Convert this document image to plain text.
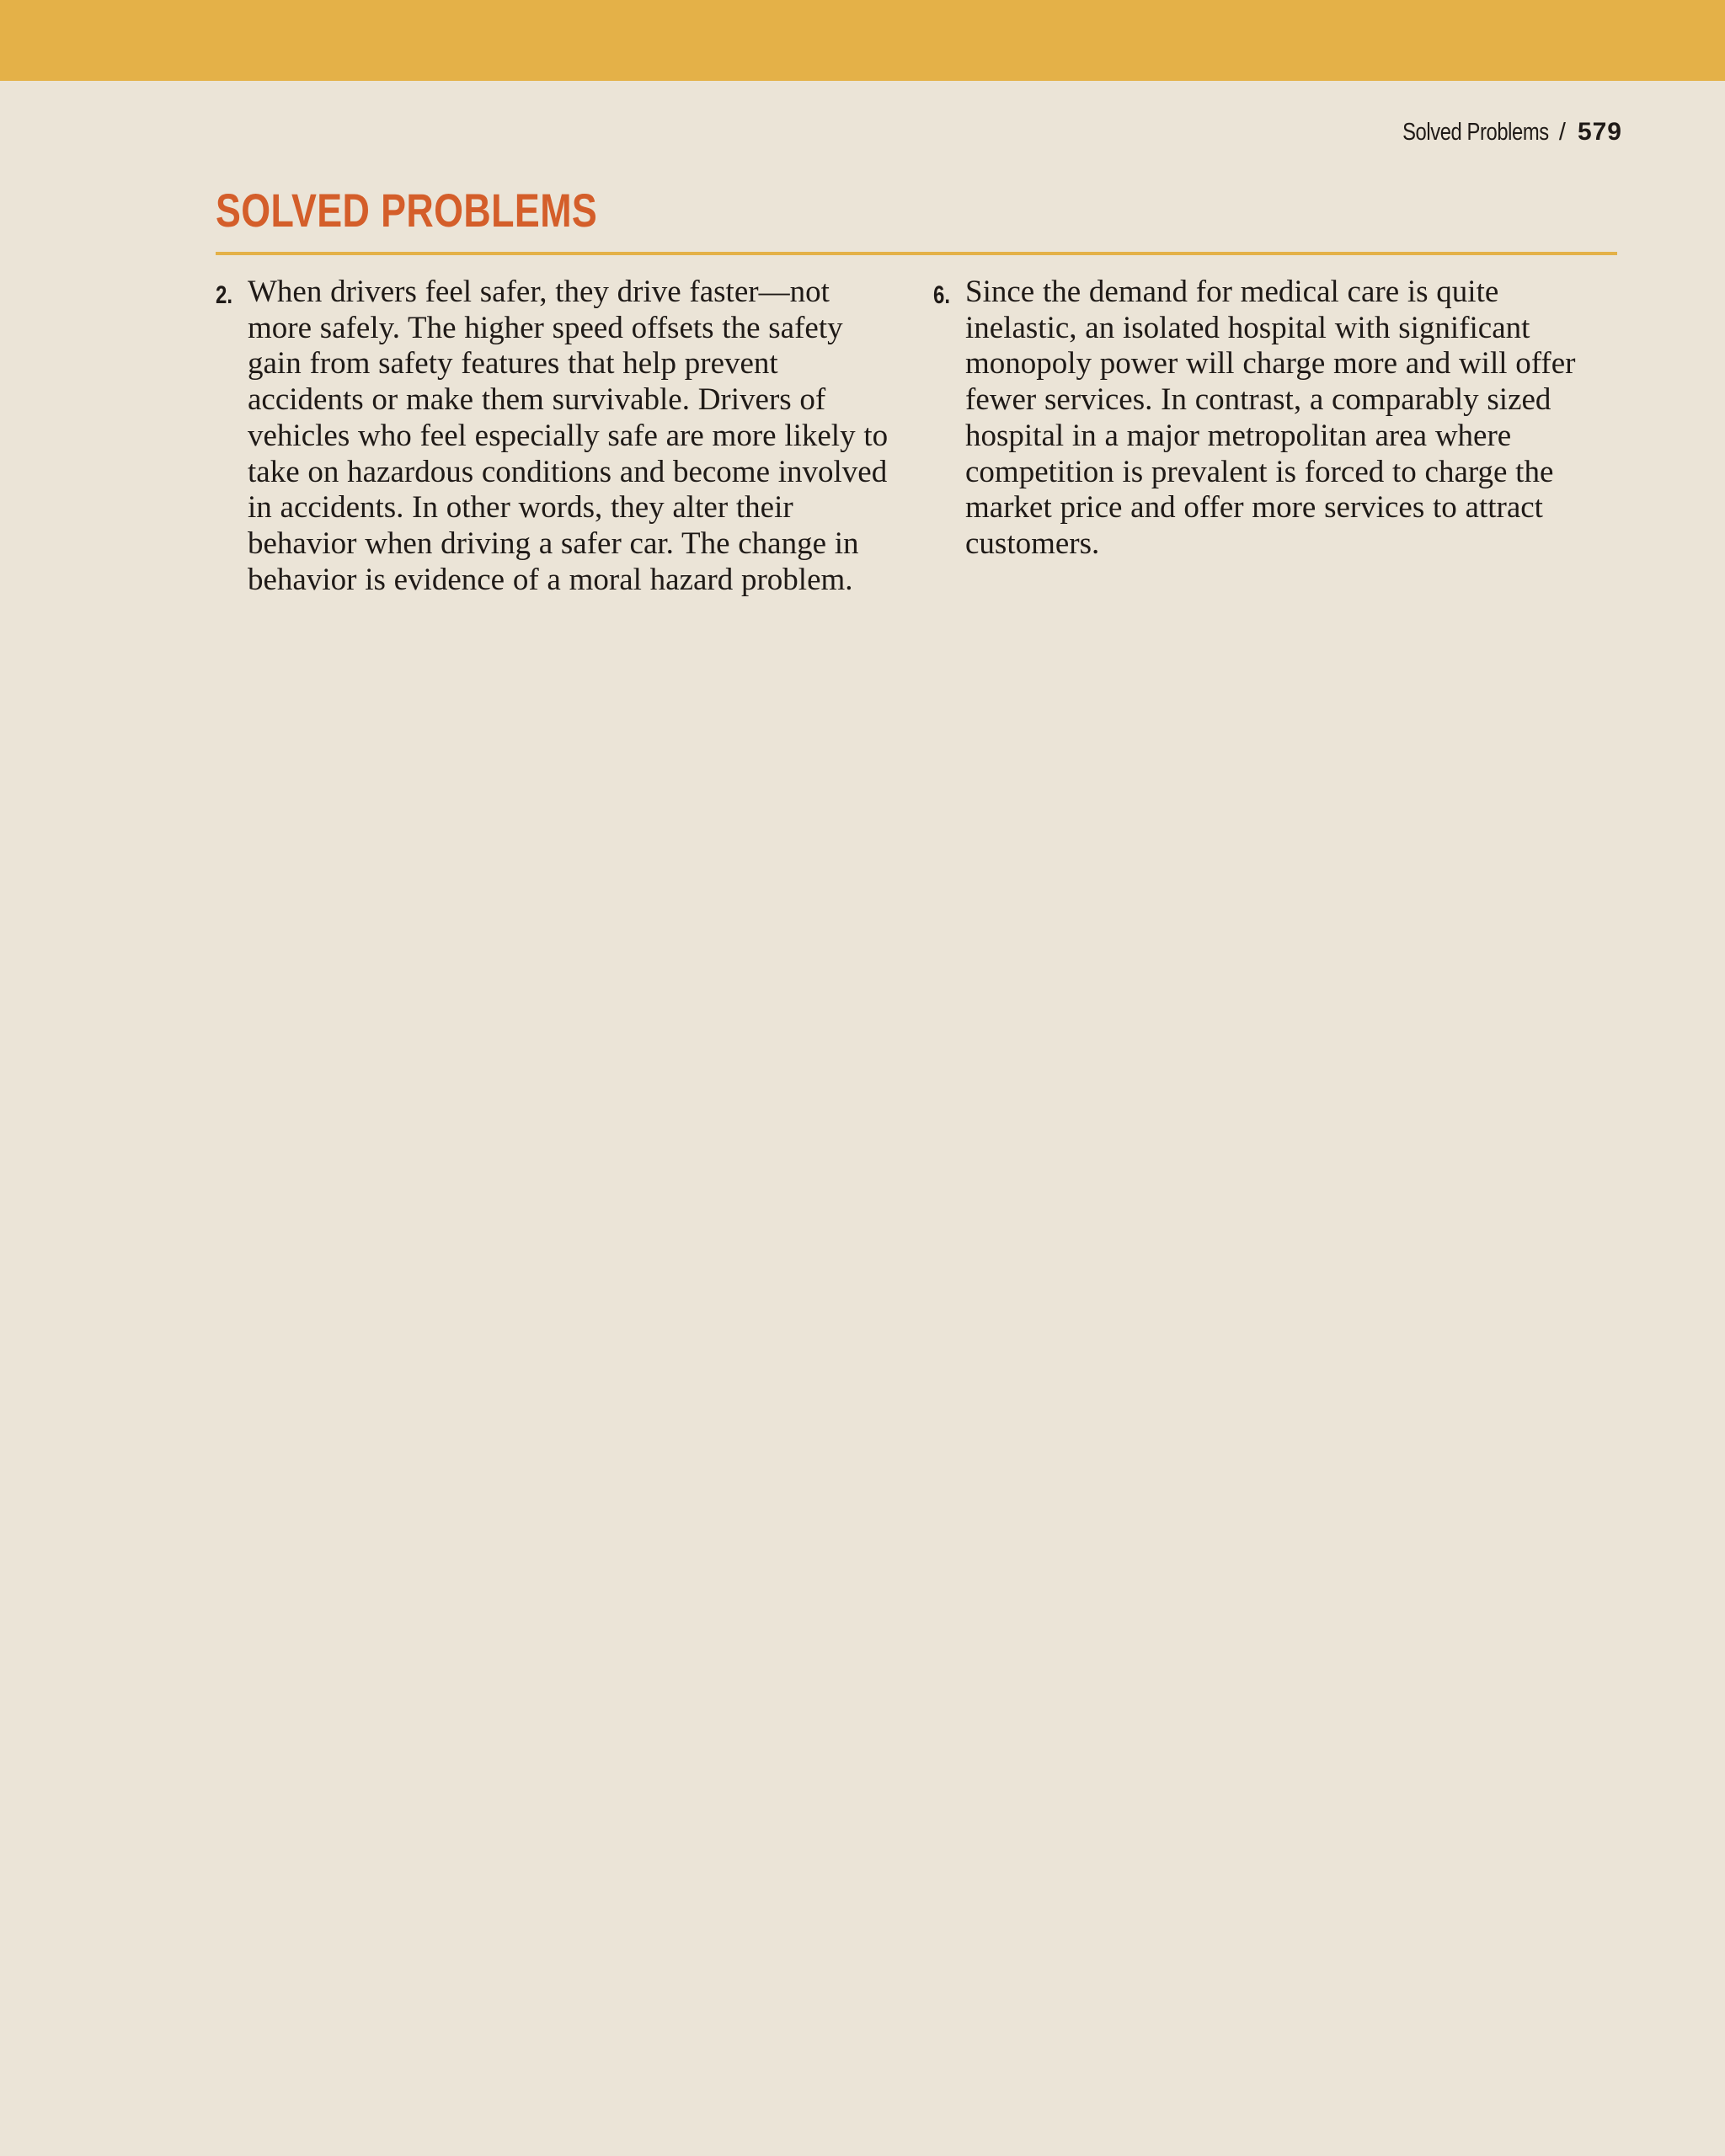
Solved Problems / 579
SOLVED PROBLEMS
2. When drivers feel safer, they drive faster—not more safely. The higher speed offsets the safety gain from safety features that help prevent accidents or make them survivable. Drivers of vehicles who feel especially safe are more likely to take on hazardous conditions and become involved in accidents. In other words, they alter their behavior when driving a safer car. The change in behavior is evidence of a moral hazard problem.

6. Since the demand for medical care is quite inelastic, an isolated hospital with significant monopoly power will charge more and will offer fewer services. In contrast, a comparably sized hospital in a major metropolitan area where competition is prevalent is forced to charge the market price and offer more services to attract customers.
